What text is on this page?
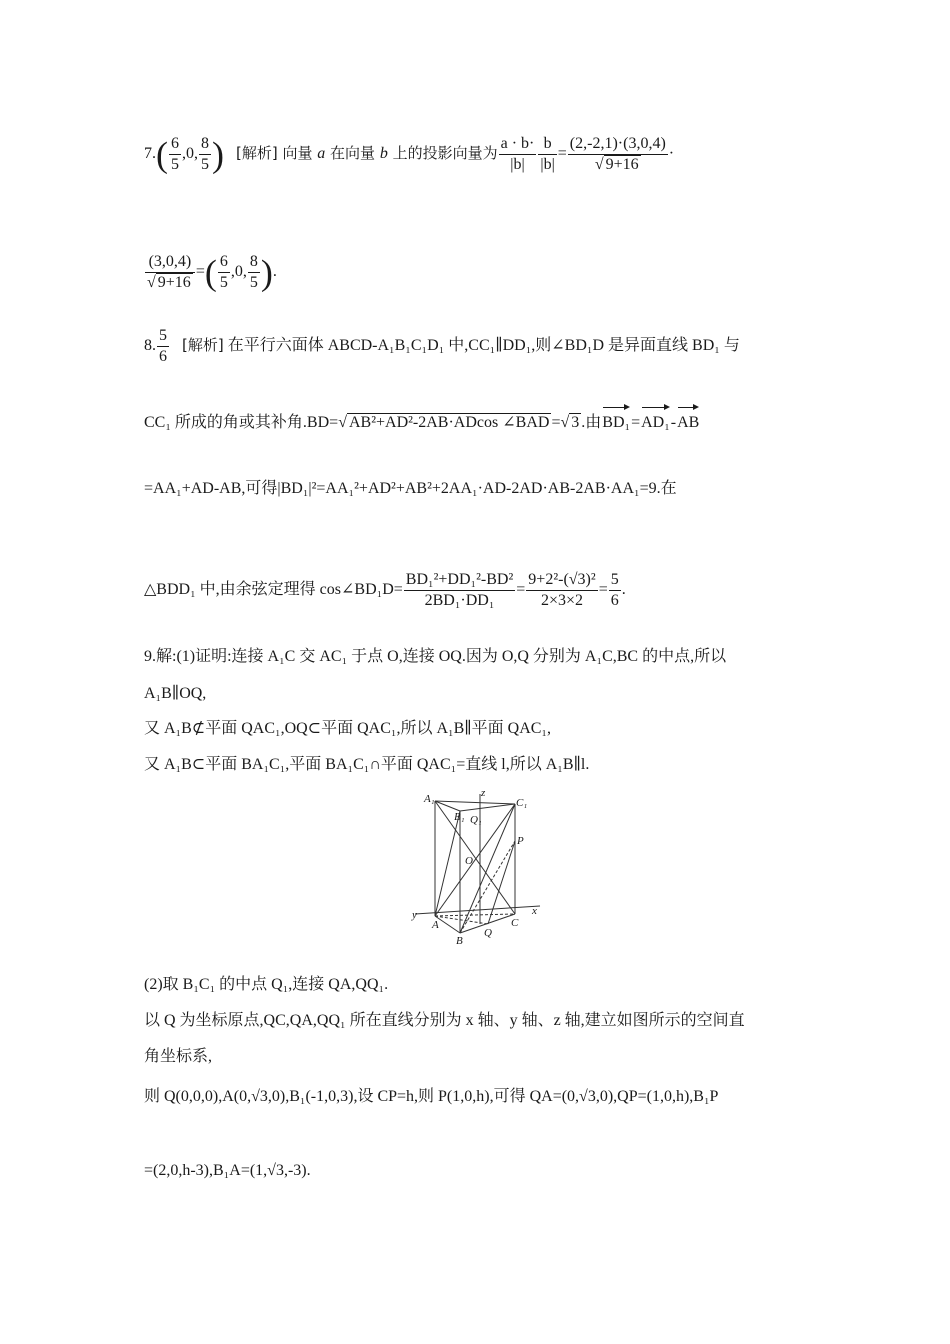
$7.( \frac{6}{5} ,0$, $\frac{8}{5}$ ) [解析] 向量 a 在向量 b 上的投影向量为 $\frac{a \cdot b\cdot}{|b|} \frac{b}{|b|} = \frac{(2,-2,1)\cdot(3,0,4)}{√ 9+16}$ ·
$\frac{(3,0,4)}{√ 9+16}$ =( $\frac{6}{5} ,0$, $\frac{8}{5}$ ).
8. $\frac{5}{6}$ [解析] 在平行六面体 ABCD-A₁B₁C₁D₁ 中,CC₁∥DD₁,则∠BD₁D 是异面直线 BD₁ 与
CC₁ 所成的角或其补角.BD=√ AB²+AD²-2AB·ADcos ∠BAD =√ 3 .由BD₁=AD₁-AB
=AA₁+AD-AB,可得|BD₁|²=AA₁²+AD²+AB²+2AA₁·AD-2AD·AB-2AB·AA₁=9.在
△BDD₁ 中,由余弦定理得 cos∠BD₁D= $\frac{\text{BD₁²+DD₁²-BD²}}{\text{2BD₁·DD₁}} = \frac{\text{9+2²-(√3)²}}{2\times 3\times 2} = \frac{5}{6}$ .
9.解:(1)证明:连接 A₁C 交 AC₁ 于点 O,连接 OQ.因为 O,Q 分别为 A₁C,BC 的中点,所以
A₁B∥OQ,
又 A₁B⊄平面 QAC₁,OQ⊂平面 QAC₁,所以 A₁B∥平面 QAC₁,
又 A₁B⊂平面 BA₁C₁,平面 BA₁C₁∩平面 QAC₁=直线 l,所以 A₁B∥l.
A₁
B₁ Q₁
C₁
z
P
O
y
A
B
Q
C
x
(2)取 B₁C₁ 的中点 Q₁,连接 QA,QQ₁.
以 Q 为坐标原点,QC,QA,QQ₁ 所在直线分别为 x 轴、y 轴、z 轴,建立如图所示的空间直
角坐标系,
则 Q(0,0,0),A(0,√3,0),B₁(-1,0,3),设 CP=h,则 P(1,0,h),可得 QA=(0,√3,0),QP=(1,0,h),B₁P
=(2,0,h-3),B₁A=(1,√3,-3).
